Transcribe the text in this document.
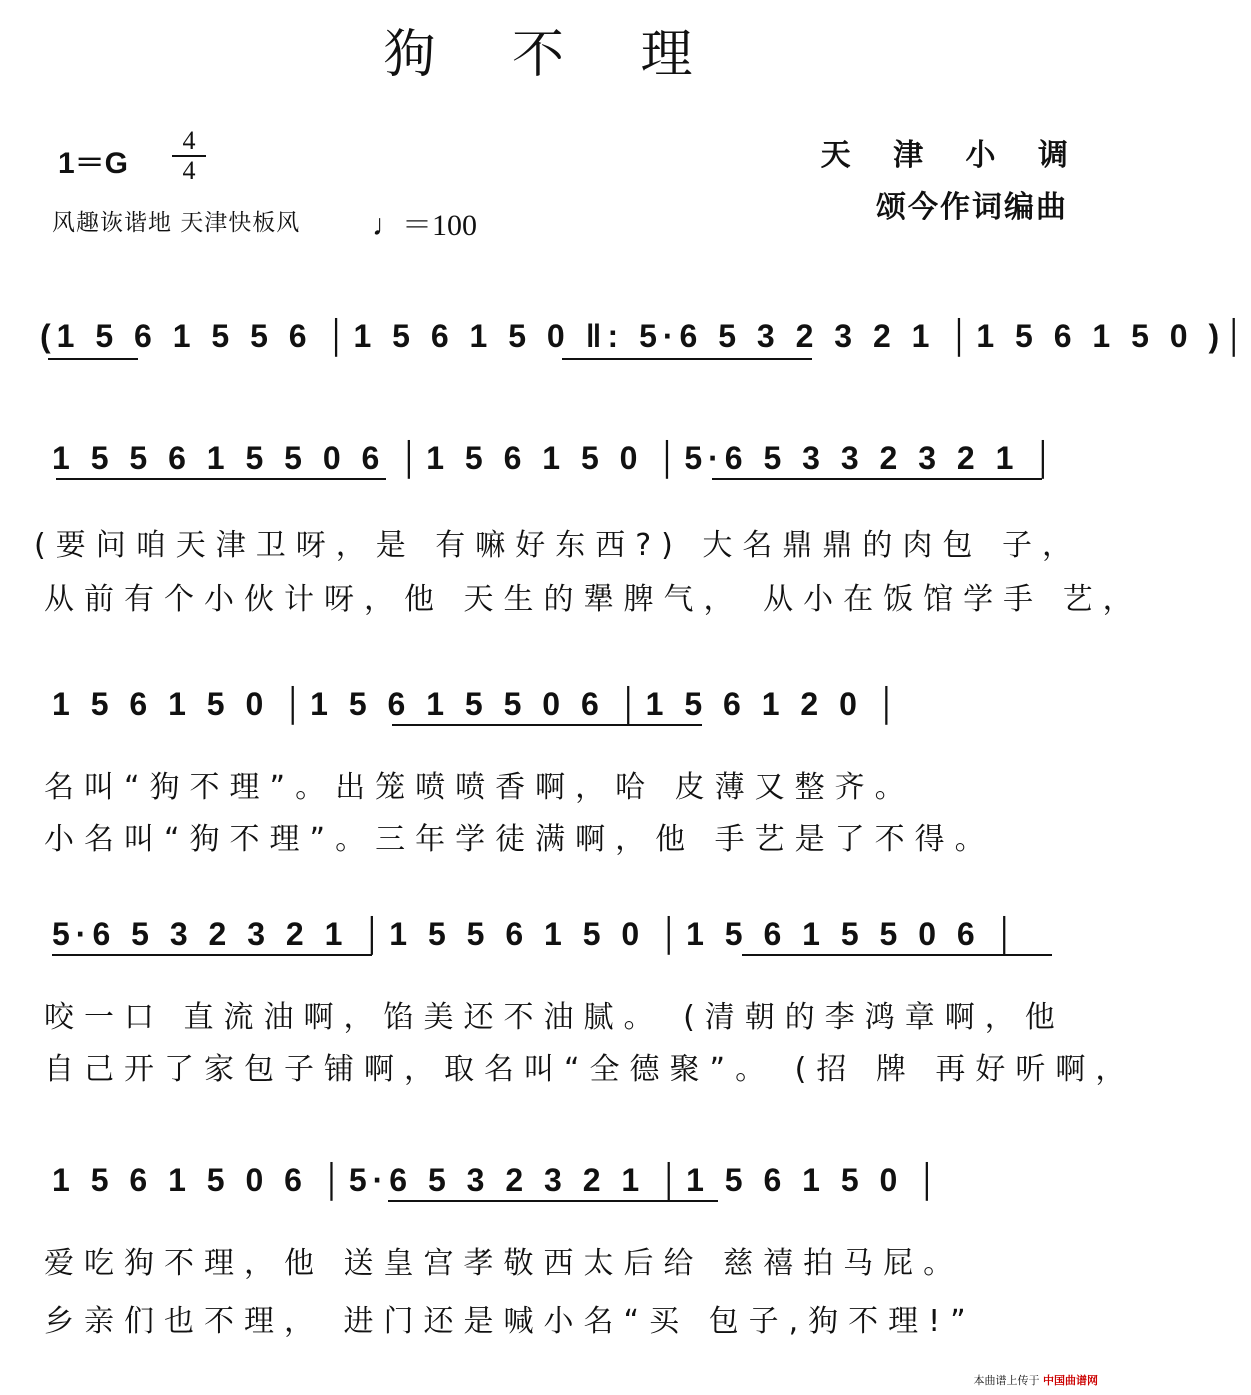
狗 不 理
1＝G
4
4
风趣诙谐地 天津快板风 ♩＝100
天 津 小 调
颂今作词编曲
(1 5 6 1 5 5 6 │1 5 6 1 5 0 ‖: 5·6 5 3 2 3 2 1 │1 5 6 1 5 0 )│
1 5 5 6 1 5 5 0 6 │1 5 6 1 5 0 │5·6 5 3 3 2 3 2 1 │
(要问咱天津卫呀，是 有嘛好东西?) 大名鼎鼎的肉包 子，
从前有个小伙计呀，他 天生的犟脾气， 从小在饭馆学手 艺，
1 5 6 1 5 0 │1 5 6 1 5 5 0 6 │1 5 6 1 2 0 │
名叫“狗不理”。出笼喷喷香啊，哈 皮薄又整齐。
小名叫“狗不理”。三年学徒满啊，他 手艺是了不得。
5·6 5 3 2 3 2 1 │1 5 5 6 1 5 0 │1 5 6 1 5 5 0 6 │
咬一口 直流油啊，馅美还不油腻。 (清朝的李鸿章啊，他
自己开了家包子铺啊，取名叫“全德聚”。 (招 牌 再好听啊，
1 5 6 1 5 0 6 │5·6 5 3 2 3 2 1 │1 5 6 1 5 0 │
爱吃狗不理，他 送皇宫孝敬西太后给 慈禧拍马屁。
乡亲们也不理， 进门还是喊小名“买 包子,狗不理!”
本曲谱上传于 中国曲谱网
